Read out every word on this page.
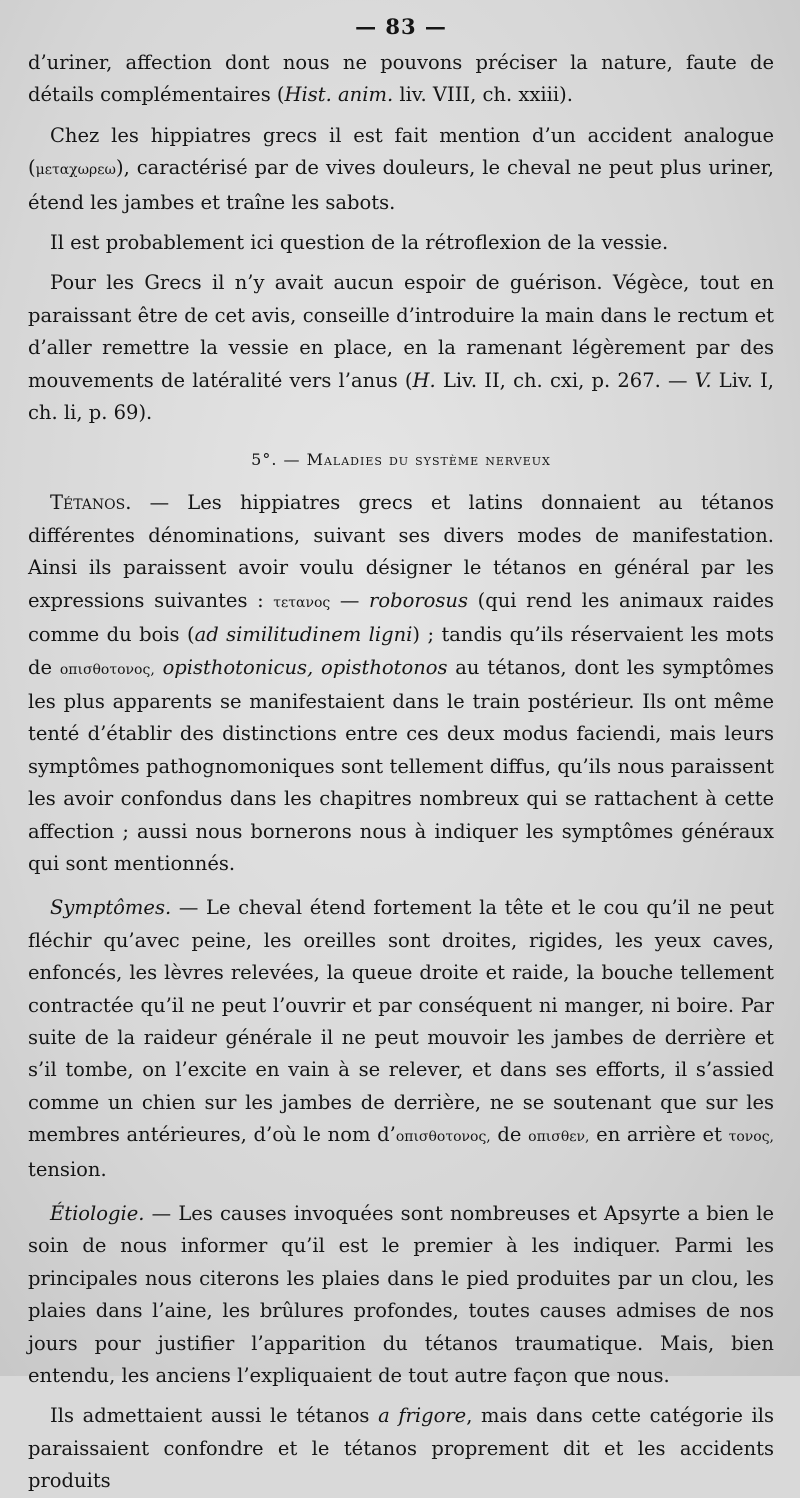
— 83 —

d’uriner, affection dont nous ne pouvons préciser la nature, faute de détails complémentaires (Hist. anim. liv. VIII, ch. xxiii).

Chez les hippiatres grecs il est fait mention d’un accident analogue (μεταχωρεω), caractérisé par de vives douleurs, le cheval ne peut plus uriner, étend les jambes et traîne les sabots.

Il est probablement ici question de la rétroflexion de la vessie.

Pour les Grecs il n’y avait aucun espoir de guérison. Végèce, tout en paraissant être de cet avis, conseille d’introduire la main dans le rectum et d’aller remettre la vessie en place, en la ramenant légèrement par des mouvements de latéralité vers l’anus (H. Liv. II, ch. cxi, p. 267. — V. Liv. I, ch. li, p. 69).

5°. — Maladies du système nerveux

Tétanos. — Les hippiatres grecs et latins donnaient au tétanos différentes dénominations, suivant ses divers modes de manifestation. Ainsi ils paraissent avoir voulu désigner le tétanos en général par les expressions suivantes : τετανος — roborosus (qui rend les animaux raides comme du bois (ad similitudinem ligni) ; tandis qu’ils réservaient les mots de οπισθοτονος, opisthotonicus, opisthotonos au tétanos, dont les symptômes les plus apparents se manifestaient dans le train postérieur. Ils ont même tenté d’établir des distinctions entre ces deux modus faciendi, mais leurs symptômes pathognomoniques sont tellement diffus, qu’ils nous paraissent les avoir confondus dans les chapitres nombreux qui se rattachent à cette affection ; aussi nous bornerons nous à indiquer les symptômes généraux qui sont mentionnés.

Symptômes. — Le cheval étend fortement la tête et le cou qu’il ne peut fléchir qu’avec peine, les oreilles sont droites, rigides, les yeux caves, enfoncés, les lèvres relevées, la queue droite et raide, la bouche tellement contractée qu’il ne peut l’ouvrir et par conséquent ni manger, ni boire. Par suite de la raideur générale il ne peut mouvoir les jambes de derrière et s’il tombe, on l’excite en vain à se relever, et dans ses efforts, il s’assied comme un chien sur les jambes de derrière, ne se soutenant que sur les membres antérieures, d’où le nom d’οπισθοτονος, de οπισθεν, en arrière et τονος, tension.

Étiologie. — Les causes invoquées sont nombreuses et Apsyrte a bien le soin de nous informer qu’il est le premier à les indiquer. Parmi les principales nous citerons les plaies dans le pied produites par un clou, les plaies dans l’aine, les brûlures profondes, toutes causes admises de nos jours pour justifier l’apparition du tétanos traumatique. Mais, bien entendu, les anciens l’expliquaient de tout autre façon que nous.

Ils admettaient aussi le tétanos a frigore, mais dans cette catégorie ils paraissaient confondre et le tétanos proprement dit et les accidents produits
